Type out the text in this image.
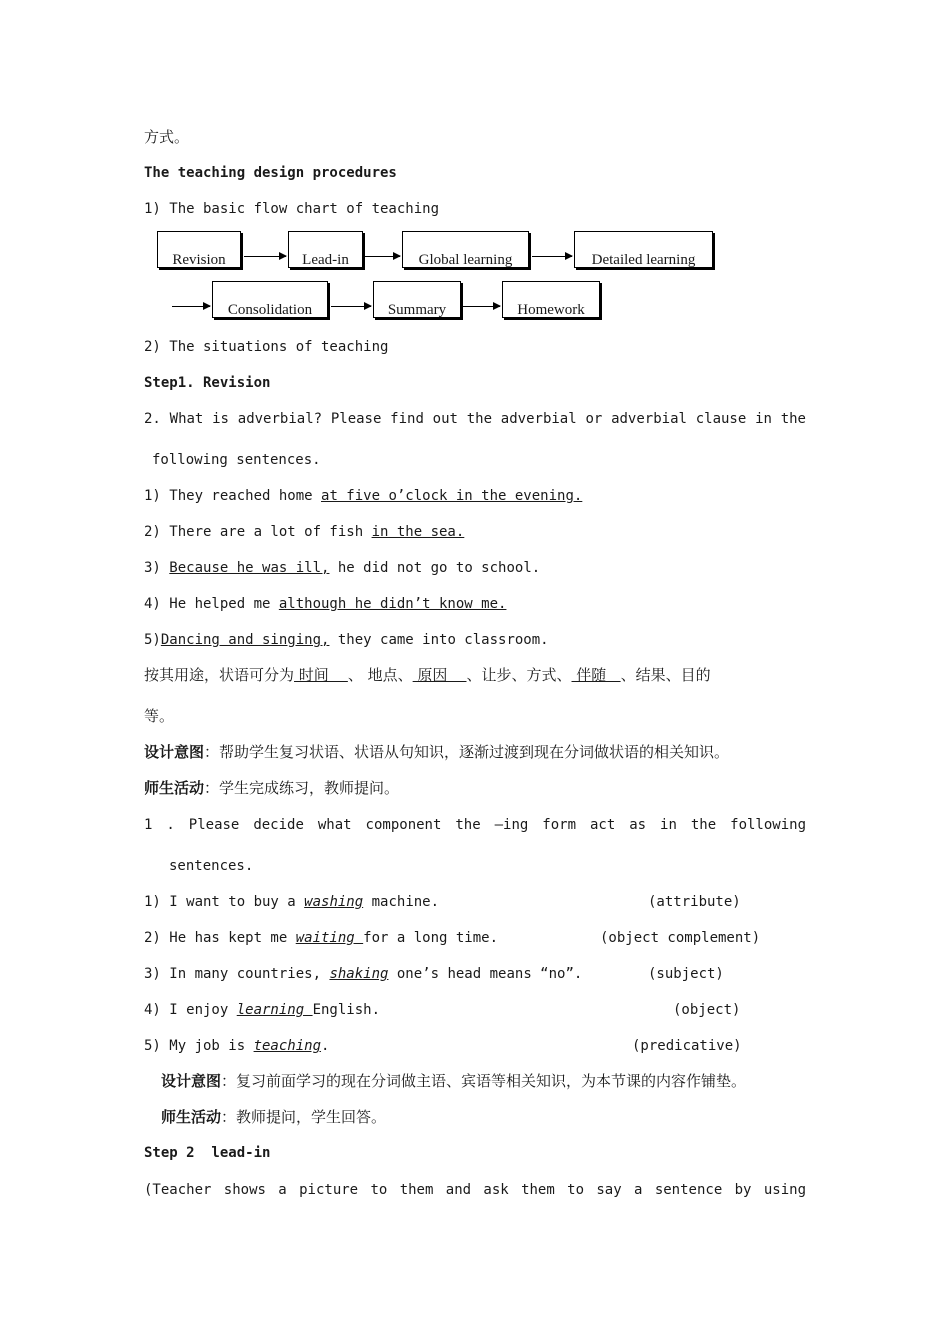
方式。
The teaching design procedures
1) The basic flow chart of teaching
Revision	Lead-in	Global learning	Detailed learning
Consolidation	Summary	Homework
2) The situations of teaching
Step1. Revision
2. What is adverbial? Please find out the adverbial or adverbial clause in the
following sentences.
1) They reached home at five o’clock in the evening.
2) There are a lot of fish in the sea.
3) Because he was ill, he did not go to school.
4) He helped me although he didn’t know me.
5)Dancing and singing, they came into classroom.
按其用途，状语可分为 时间    、 地点、 原因    、让步、方式、 伴随   、结果、目的
等。
设计意图：帮助学生复习状语、状语从句知识，逐渐过渡到现在分词做状语的相关知识。
师生活动：学生完成练习，教师提问。
1 . Please decide what component the –ing form act as in the following
sentences.
1) I want to buy a washing machine.	(attribute)
2) He has kept me waiting for a long time.	(object complement)
3) In many countries, shaking one’s head means “no”.	(subject)
4) I enjoy learning English.	(object)
5) My job is teaching.	(predicative)
设计意图：复习前面学习的现在分词做主语、宾语等相关知识，为本节课的内容作铺垫。
师生活动：教师提问，学生回答。
Step 2  lead-in
(Teacher shows a picture to them and ask them to say a sentence by using
